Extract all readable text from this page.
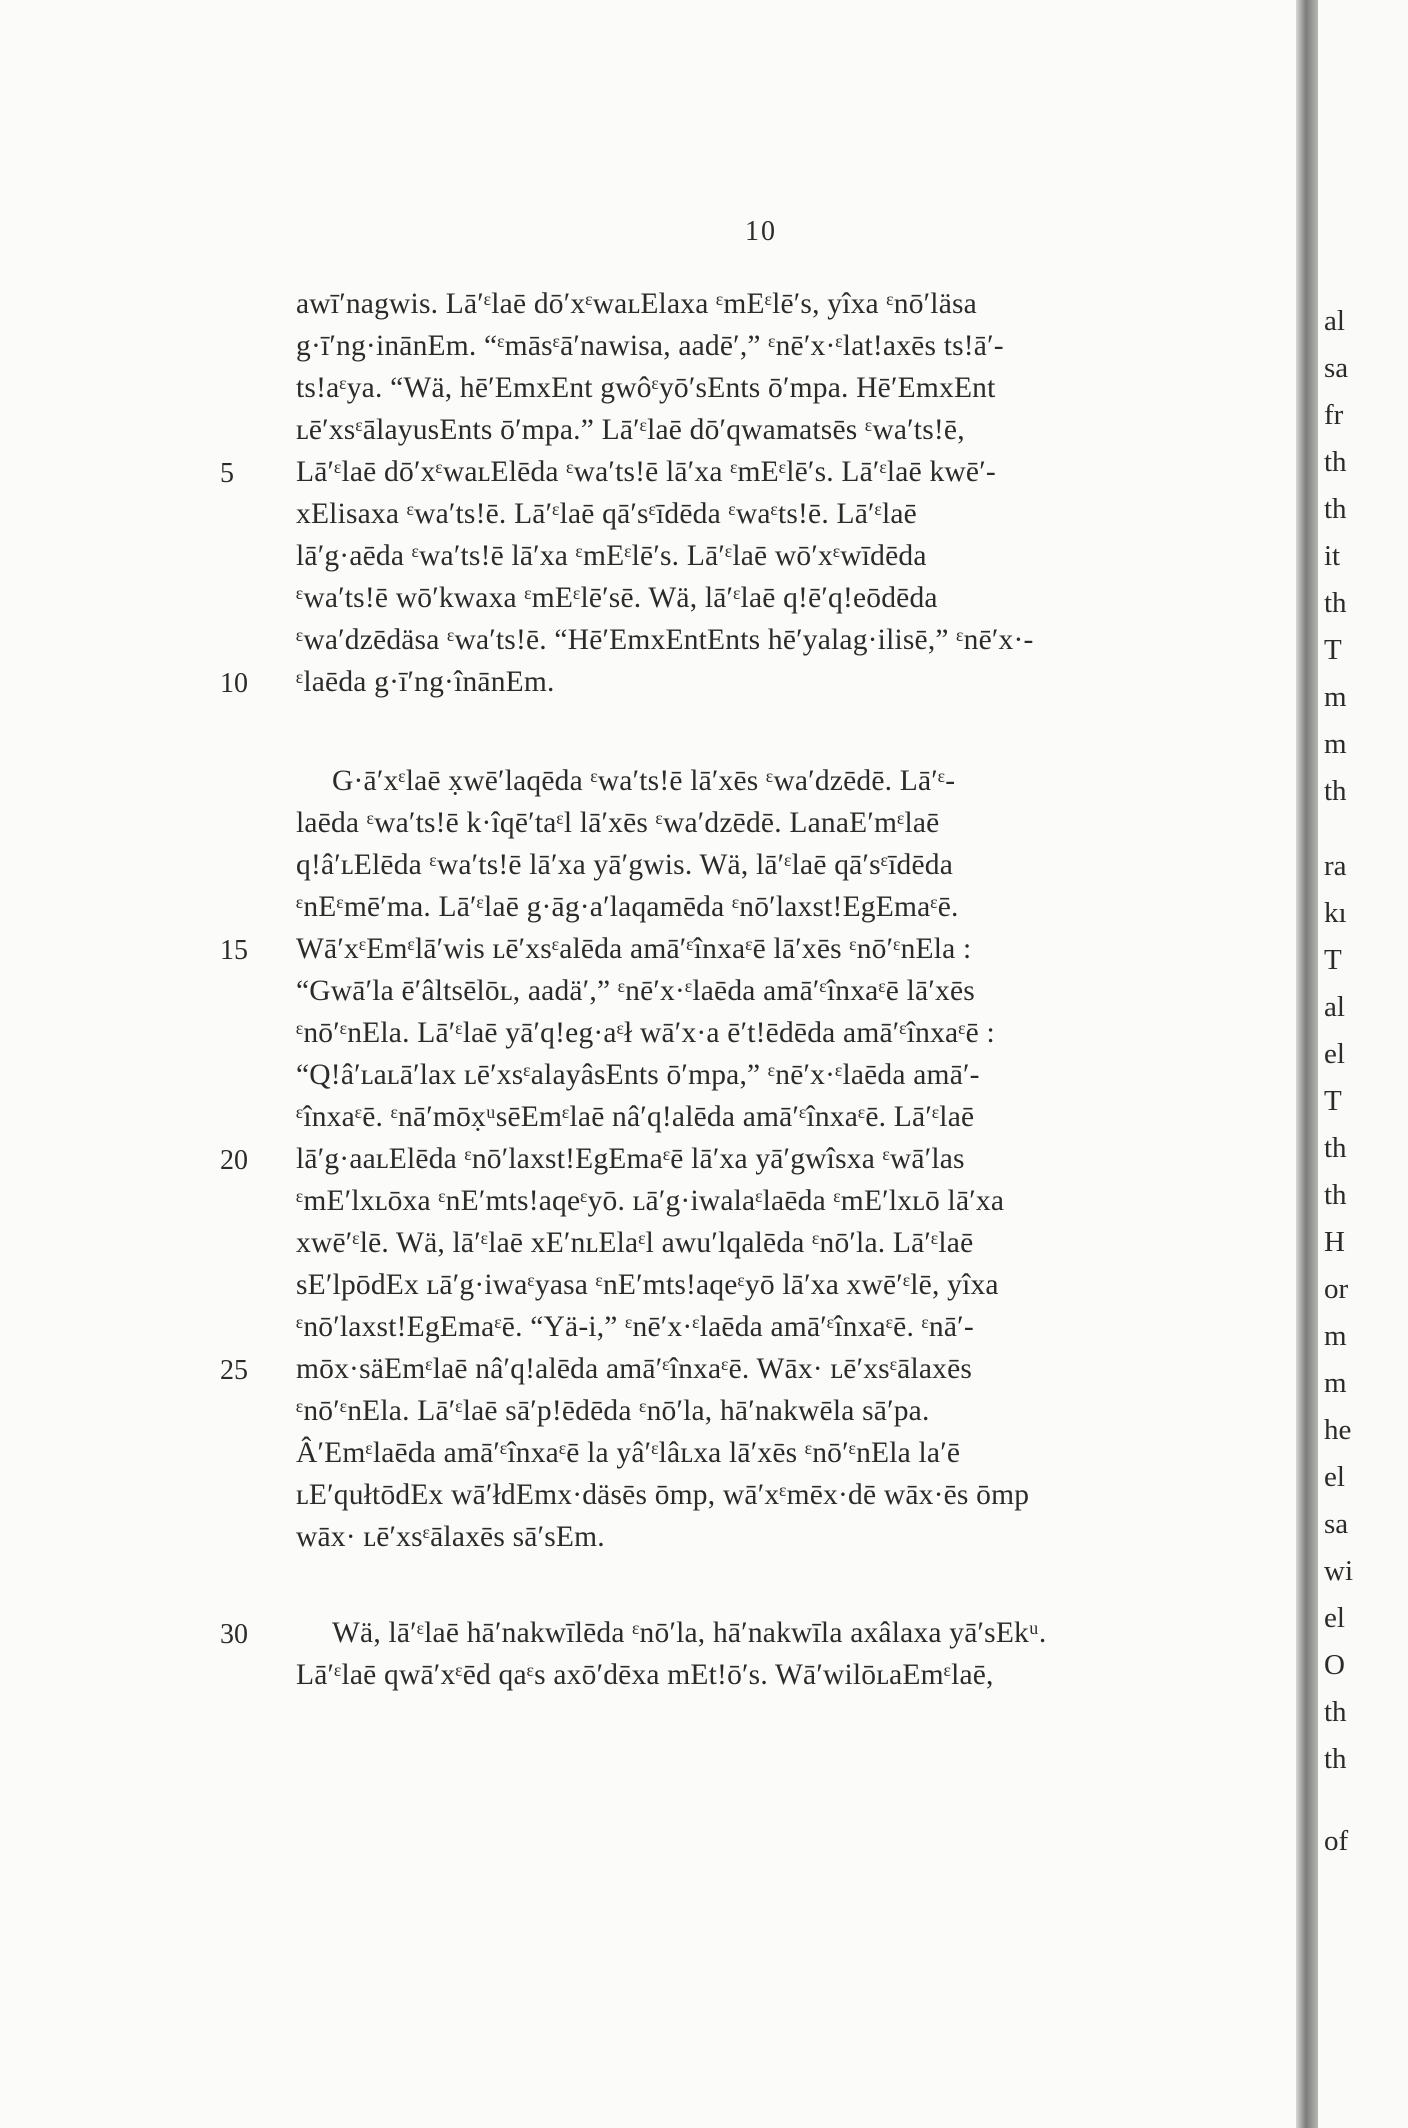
10
awī′nagwis. Lā′ᵋlaē dō′xᵋwaʟElaxa ᵋmEᵋlē′s, yîxa ᵋnō′läsa
g·ī′ng·inānEm. “ᵋmāsᵋā′nawisa, aadē′,” ᵋnē′x·ᵋlat!axēs ts!ā′-
ts!aᵋya. “Wä, hē′EmxEnt gwôᵋyō′sEnts ō′mpa. Hē′EmxEnt
ʟē′xsᵋālayusEnts ō′mpa.” Lā′ᵋlaē dō′qwamatsēs ᵋwa′ts!ē,
5 Lā′ᵋlaē dō′xᵋwaʟElēda ᵋwa′ts!ē lā′xa ᵋmEᵋlē′s. Lā′ᵋlaē kwē′-
xElisaxa ᵋwa′ts!ē. Lā′ᵋlaē qā′sᵋīdēda ᵋwaᵋts!ē. Lā′ᵋlaē
lā′g·aēda ᵋwa′ts!ē lā′xa ᵋmEᵋlē′s. Lā′ᵋlaē wō′xᵋwīdēda
ᵋwa′ts!ē wō′kwaxa ᵋmEᵋlē′sē. Wä, lā′ᵋlaē q!ē′q!eōdēda
ᵋwa′dzēdäsa ᵋwa′ts!ē. “Hē′EmxEntEnts hē′yalag·ilisē,” ᵋnē′x·-
10 ᵋlaēda g·ī′ng·înānEm.
G·ā′xᵋlaē x̣wē′laqēda ᵋwa′ts!ē lā′xēs ᵋwa′dzēdē. Lā′ᵋ-
laēda ᵋwa′ts!ē k·îqē′taᵋl lā′xēs ᵋwa′dzēdē. LanaE′mᵋlaē
q!â′ʟElēda ᵋwa′ts!ē lā′xa yā′gwis. Wä, lā′ᵋlaē qā′sᵋīdēda
ᵋnEᵋmē′ma. Lā′ᵋlaē g·āg·a′laqamēda ᵋnō′laxst!EgEmaᵋē.
15 Wā′xᵋEmᵋlā′wis ʟē′xsᵋalēda amā′ᵋînxaᵋē lā′xēs ᵋnō′ᵋnEla :
“Gwā′la ē′âltsēlōʟ, aadä′,” ᵋnē′x·ᵋlaēda amā′ᵋînxaᵋē lā′xēs
ᵋnō′ᵋnEla. Lā′ᵋlaē yā′q!eg·aᵋł wā′x·a ē′t!ēdēda amā′ᵋînxaᵋē :
“Q!â′ʟaʟā′lax ʟē′xsᵋalayâsEnts ō′mpa,” ᵋnē′x·ᵋlaēda amā′-
ᵋînxaᵋē. ᵋnā′mōx̣ᵘsēEmᵋlaē nâ′q!alēda amā′ᵋînxaᵋē. Lā′ᵋlaē
20 lā′g·aaʟElēda ᵋnō′laxst!EgEmaᵋē lā′xa yā′gwîsxa ᵋwā′las
ᵋmE′lxʟōxa ᵋnE′mts!aqeᵋyō. ʟā′g·iwalaᵋlaēda ᵋmE′lxʟō lā′xa
xwē′ᵋlē. Wä, lā′ᵋlaē xE′nʟElaᵋl awu′lqalēda ᵋnō′la. Lā′ᵋlaē
sE′lpōdEx ʟā′g·iwaᵋyasa ᵋnE′mts!aqeᵋyō lā′xa xwē′ᵋlē, yîxa
ᵋnō′laxst!EgEmaᵋē. “Yä-i,” ᵋnē′x·ᵋlaēda amā′ᵋînxaᵋē. ᵋnā′-
25 mōx·säEmᵋlaē nâ′q!alēda amā′ᵋînxaᵋē. Wāx· ʟē′xsᵋālaxēs
ᵋnō′ᵋnEla. Lā′ᵋlaē sā′p!ēdēda ᵋnō′la, hā′nakwēla sā′pa.
Â′Emᵋlaēda amā′ᵋînxaᵋē la yâ′ᵋlâʟxa lā′xēs ᵋnō′ᵋnEla la′ē
ʟE′qułtōdEx wā′łdEmx·däsēs ōmp, wā′xᵋmēx·dē wāx·ēs ōmp
wāx· ʟē′xsᵋālaxēs sā′sEm.
30	Wä, lā′ᵋlaē hā′nakwīlēda ᵋnō′la, hā′nakwīla axâlaxa yā′sEkᵘ.
Lā′ᵋlaē qwā′xᵋēd qaᵋs axō′dēxa mEt!ō′s. Wā′wilōʟaEmᵋlaē,
al
sa
fr
th
th
it
th
T
m
m
th
ra
kı
T
al
el
T
th
th
H
or
m
m
he
el
sa
wi
el
O
th
th
of
